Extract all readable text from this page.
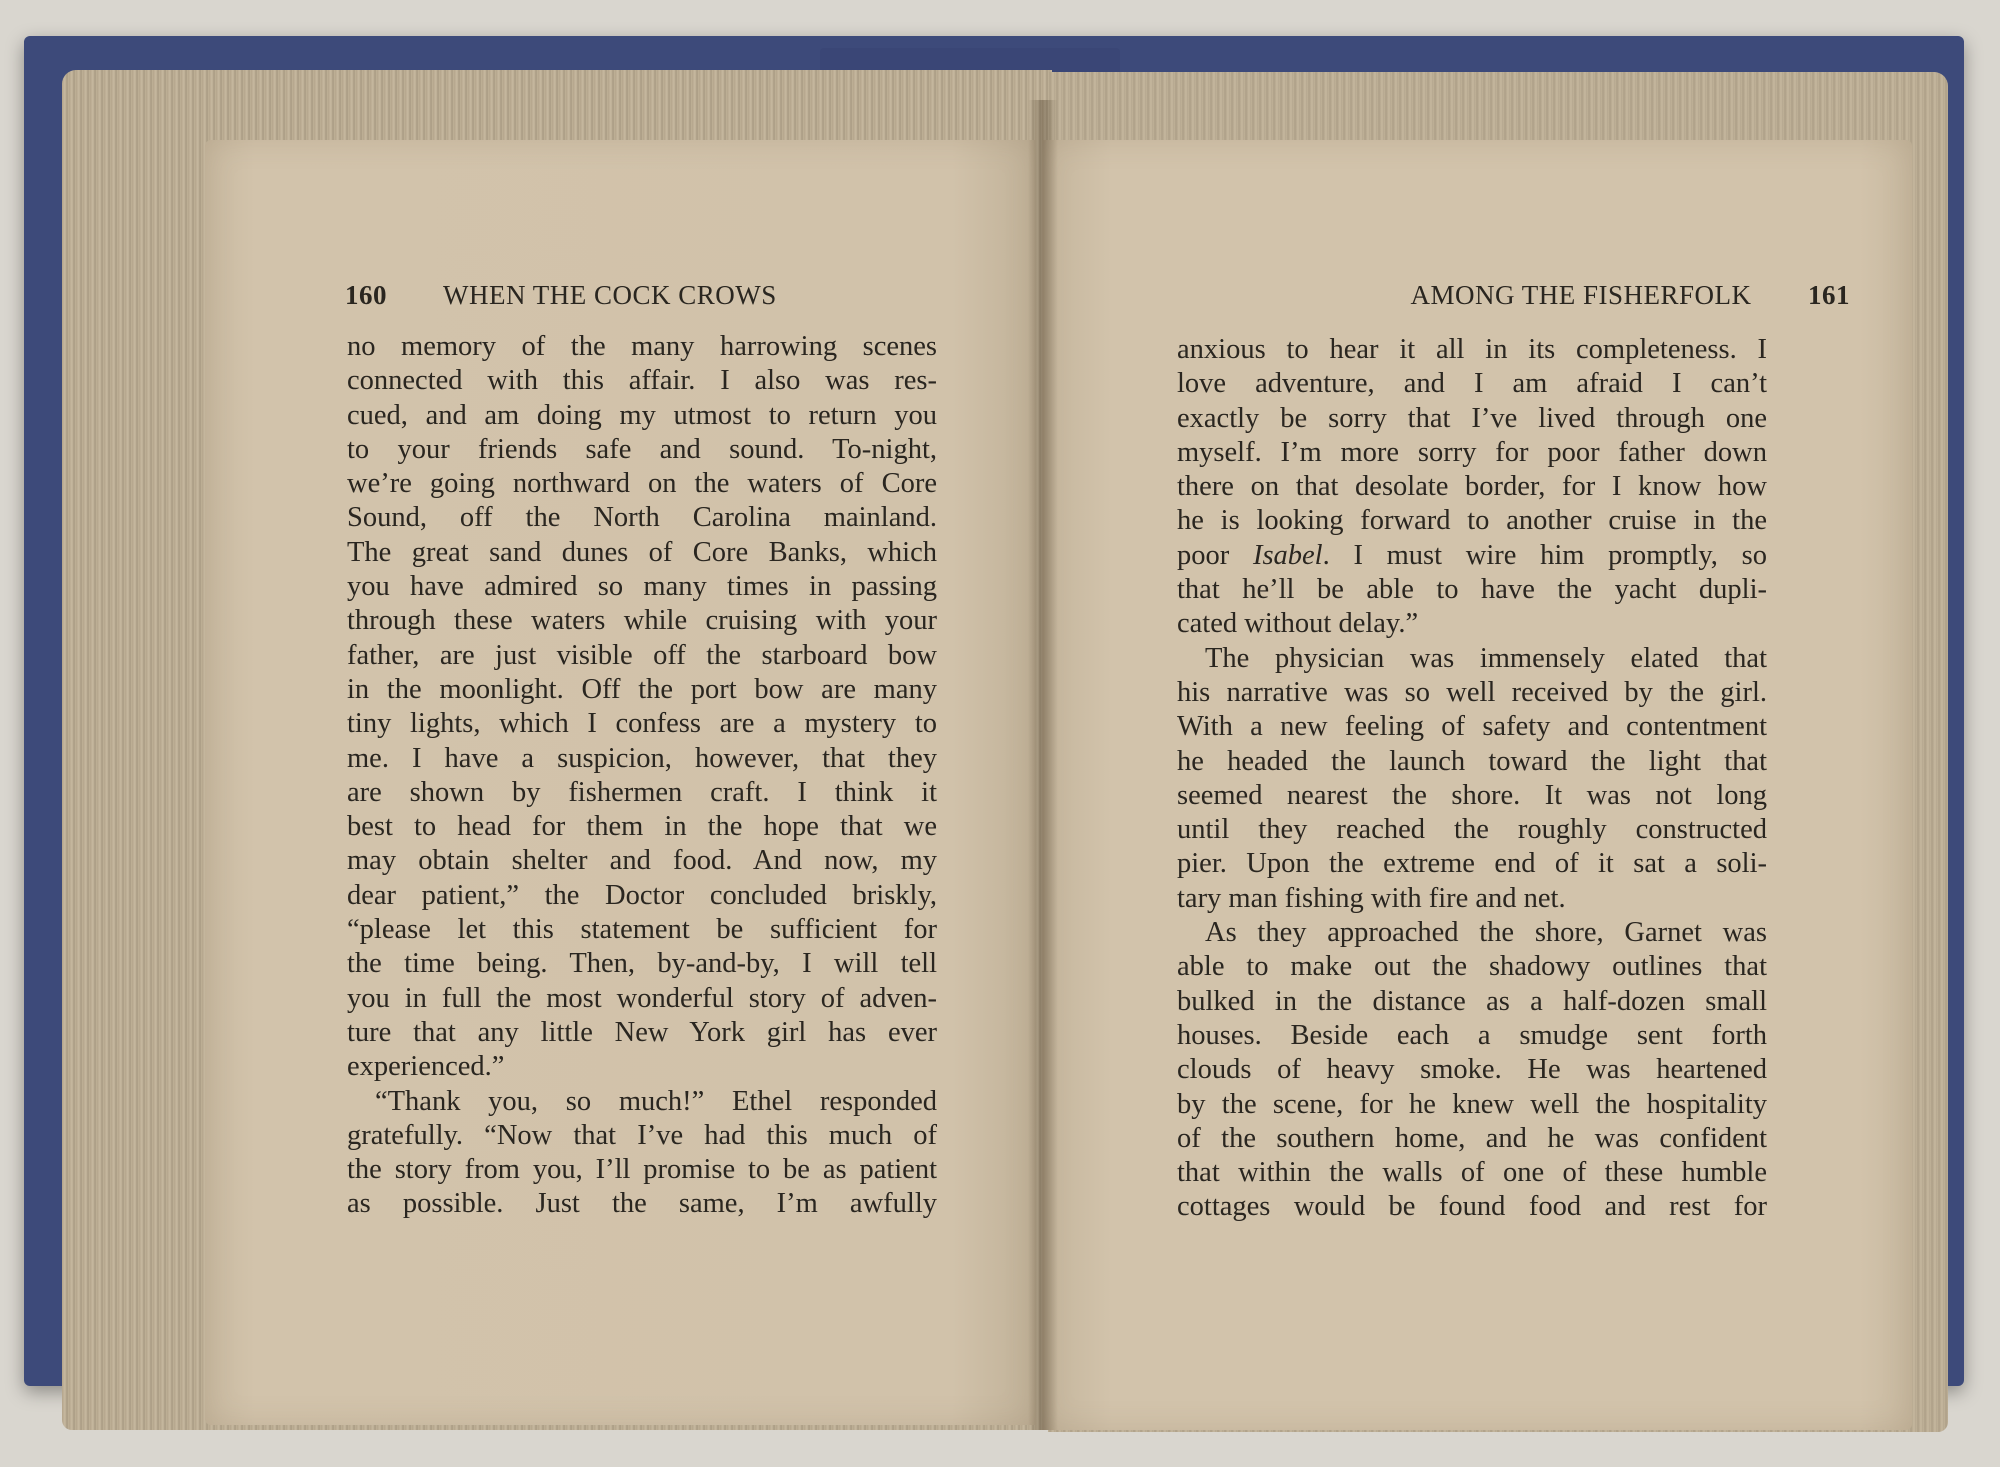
160 WHEN THE COCK CROWS
no memory of the many harrowing scenes
connected with this affair. I also was res-
cued, and am doing my utmost to return you
to your friends safe and sound. To-night,
we’re going northward on the waters of Core
Sound, off the North Carolina mainland.
The great sand dunes of Core Banks, which
you have admired so many times in passing
through these waters while cruising with your
father, are just visible off the starboard bow
in the moonlight. Off the port bow are many
tiny lights, which I confess are a mystery to
me. I have a suspicion, however, that they
are shown by fishermen craft. I think it
best to head for them in the hope that we
may obtain shelter and food. And now, my
dear patient,” the Doctor concluded briskly,
“please let this statement be sufficient for
the time being. Then, by-and-by, I will tell
you in full the most wonderful story of adven-
ture that any little New York girl has ever
experienced.”
“Thank you, so much!” Ethel responded
gratefully. “Now that I’ve had this much of
the story from you, I’ll promise to be as patient
as possible. Just the same, I’m awfully
AMONG THE FISHERFOLK 161
anxious to hear it all in its completeness. I
love adventure, and I am afraid I can’t
exactly be sorry that I’ve lived through one
myself. I’m more sorry for poor father down
there on that desolate border, for I know how
he is looking forward to another cruise in the
poor Isabel. I must wire him promptly, so
that he’ll be able to have the yacht dupli-
cated without delay.”
The physician was immensely elated that
his narrative was so well received by the girl.
With a new feeling of safety and contentment
he headed the launch toward the light that
seemed nearest the shore. It was not long
until they reached the roughly constructed
pier. Upon the extreme end of it sat a soli-
tary man fishing with fire and net.
As they approached the shore, Garnet was
able to make out the shadowy outlines that
bulked in the distance as a half-dozen small
houses. Beside each a smudge sent forth
clouds of heavy smoke. He was heartened
by the scene, for he knew well the hospitality
of the southern home, and he was confident
that within the walls of one of these humble
cottages would be found food and rest for
